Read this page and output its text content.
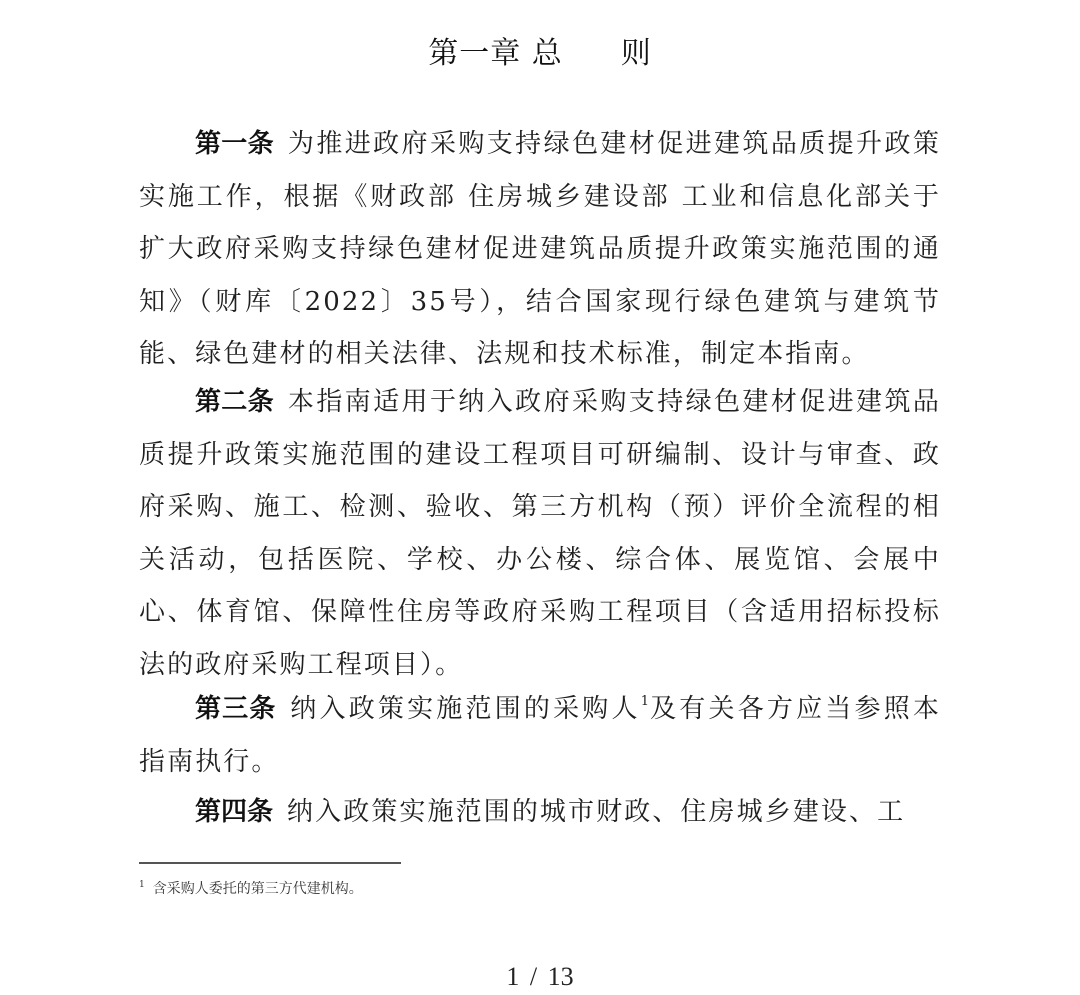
第一章 总 则

第一条 为推进政府采购支持绿色建材促进建筑品质提升政策实施工作，根据《财政部 住房城乡建设部 工业和信息化部关于扩大政府采购支持绿色建材促进建筑品质提升政策实施范围的通知》（财库〔2022〕35号），结合国家现行绿色建筑与建筑节能、绿色建材的相关法律、法规和技术标准，制定本指南。

第二条 本指南适用于纳入政府采购支持绿色建材促进建筑品质提升政策实施范围的建设工程项目可研编制、设计与审查、政府采购、施工、检测、验收、第三方机构（预）评价全流程的相关活动，包括医院、学校、办公楼、综合体、展览馆、会展中心、体育馆、保障性住房等政府采购工程项目（含适用招标投标法的政府采购工程项目）。

第三条 纳入政策实施范围的采购人$^1$及有关各方应当参照本指南执行。

第四条 纳入政策实施范围的城市财政、住房城乡建设、工

$^1$ 含采购人委托的第三方代建机构。
1 / 13
